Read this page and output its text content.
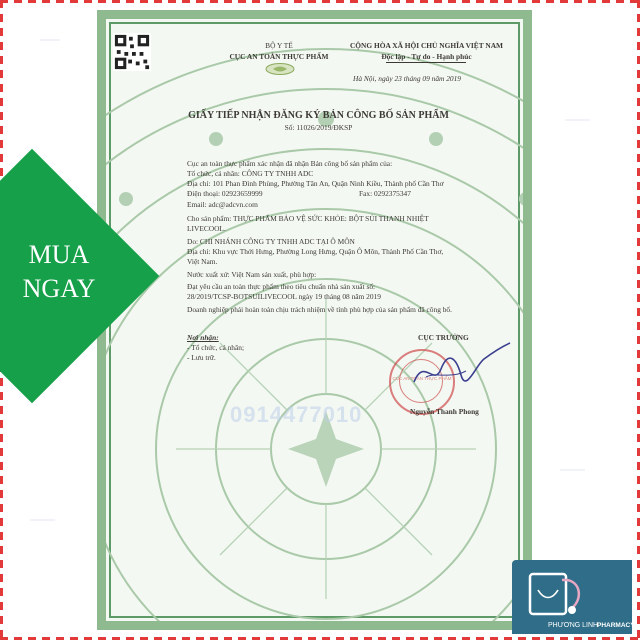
BỘ Y TẾ
CỤC AN TOÀN THỰC PHẨM
CỘNG HÒA XÃ HỘI CHỦ NGHĨA VIỆT NAM
Độc lập - Tự do - Hạnh phúc
Hà Nội, ngày 23 tháng 09 năm 2019
GIẤY TIẾP NHẬN ĐĂNG KÝ BẢN CÔNG BỐ SẢN PHẨM
Số: 11026/2019/ĐKSP
Cục an toàn thực phẩm xác nhận đã nhận Bản công bố sản phẩm của:
Tổ chức, cá nhân: CÔNG TY TNHH ADC
Địa chỉ: 101 Phan Đình Phùng, Phường Tân An, Quận Ninh Kiều, Thành phố Cần Thơ
Điện thoại: 02923659999	Fax: 0292375347
Email: adc@adcvn.com
Cho sản phẩm: THỰC PHẨM BẢO VỆ SỨC KHỎE: BỘT SỦI THANH NHIỆT
LIVECOOL.
Do: CHI NHÁNH CÔNG TY TNHH ADC TẠI Ô MÔN
Địa chỉ: Khu vực Thới Hưng, Phường Long Hưng, Quận Ô Môn, Thành Phố Cần Thơ,
Việt Nam.
Nước xuất xứ: Việt Nam sản xuất, phù hợp:
Đạt yêu cầu an toàn thực phẩm theo tiêu chuẩn nhà sản xuất số:
28/2019/TCSP-BOTSUILIVECOOL ngày 19 tháng 08 năm 2019
Doanh nghiệp phải hoàn toàn chịu trách nhiệm về tính phù hợp của sản phẩm đã công bố.
Nơi nhận:
- Tổ chức, cá nhân;
- Lưu trữ.
CỤC TRƯỞNG
CỤC AN TOÀN THỰC PHẨM
Nguyễn Thanh Phong
MUA
NGAY
0914477010
PHƯƠNG LINH
PHARMACY
